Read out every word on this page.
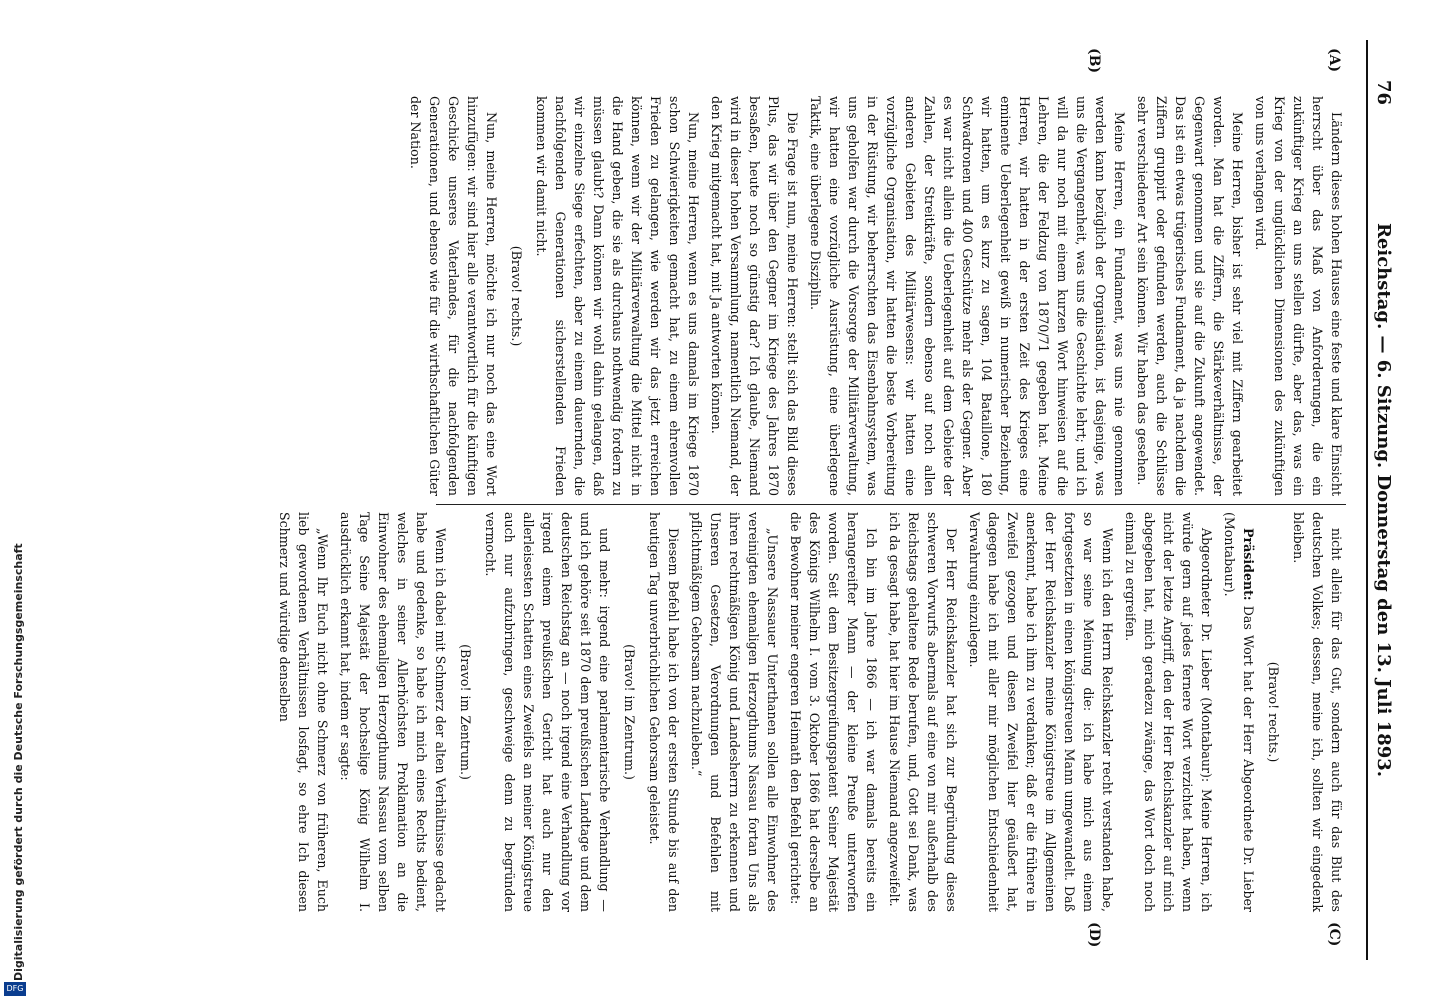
76
Reichstag. — 6. Sitzung. Donnerstag den 13. Juli 1893.
(A)
(B)
(C)
(D)

Ländern dieses hohen Hauses eine feste und klare Einsicht herrscht über das Maß von Anforderungen, die ein zukünftiger Krieg an uns stellen dürfte, aber das, was ein Krieg von der unglücklichen Dimensionen des zukünftigen von uns verlangen wird.

Meine Herren, bisher ist sehr viel mit Ziffern gearbeitet worden. Man hat die Ziffern, die Stärkeverhältnisse, der Gegenwart genommen und sie auf die Zukunft angewendet. Das ist ein etwas trügerisches Fundament, da ja nachdem die Ziffern gruppirt oder gefunden werden, auch die Schlüsse sehr verschiedener Art sein können. Wir haben das gesehen.

Meine Herren, ein Fundament, was uns nie genommen werden kann bezüglich der Organisation, ist dasjenige, was uns die Vergangenheit, was uns die Geschichte lehrt; und ich will da nur noch mit einem kurzen Wort hinweisen auf die Lehren, die der Feldzug von 1870/71 gegeben hat. Meine Herren, wir hatten in der ersten Zeit des Krieges eine eminente Ueberlegenheit gewiß in numerischer Beziehung, wir hatten, um es kurz zu sagen, 104 Bataillone, 180 Schwadronen und 400 Geschütze mehr als der Gegner. Aber es war nicht allein die Ueberlegenheit auf dem Gebiete der Zahlen, der Streitkräfte, sondern ebenso auf noch allen anderen Gebieten des Militärwesens: wir hatten eine vorzügliche Organisation, wir hatten die beste Vorbereitung in der Rüstung, wir beherrschten das Eisenbahnsystem, was uns geholfen war durch die Vorsorge der Militärverwaltung, wir hatten eine vorzügliche Ausrüstung, eine überlegene Taktik, eine überlegene Disziplin.

Die Frage ist nun, meine Herren: stellt sich das Bild dieses Plus, das wir über den Gegner im Kriege des Jahres 1870 besaßen, heute noch so günstig dar? Ich glaube, Niemand wird in dieser hohen Versammlung, namentlich Niemand, der den Krieg mitgemacht hat, mit Ja antworten können.

Nun, meine Herren, wenn es uns damals im Kriege 1870 schon Schwierigkeiten gemacht hat, zu einem ehrenvollen Frieden zu gelangen, wie werden wir das jetzt erreichen können, wenn wir der Militärverwaltung die Mittel nicht in die Hand geben, die sie als durchaus nothwendig fordern zu müssen glaubt? Dann können wir wohl dahin gelangen, daß wir einzelne Siege erfechten, aber zu einem dauernden, die nachfolgenden Generationen sicherstellenden Frieden kommen wir damit nicht.

(Bravo! rechts.)

Nun, meine Herren, möchte ich nur noch das eine Wort hinzufügen: wir sind hier alle verantwortlich für die künftigen Geschicke unseres Vaterlandes, für die nachfolgenden Generationen, und ebenso wie für die wirthschaftlichen Güter der Nation.

nicht allein für das Gut, sondern auch für das Blut des deutschen Volkes; dessen, meine ich, sollten wir eingedenk bleiben.

(Bravo! rechts.)

Präsident: Das Wort hat der Herr Abgeordnete Dr. Lieber (Montabaur).

Abgeordneter Dr. Lieber (Montabaur): Meine Herren, ich würde gern auf jedes fernere Wort verzichtet haben, wenn nicht der letzte Angriff, den der Herr Reichskanzler auf mich abgegeben hat, mich geradezu zwänge, das Wort doch noch einmal zu ergreifen.

Wenn ich den Herrn Reichskanzler recht verstanden habe, so war seine Meinung die: ich habe mich aus einem fortgesetzten in einen königstreuen Mann umgewandelt. Daß der Herr Reichskanzler meine Königstreue im Allgemeinen anerkennt, habe ich ihm zu verdanken; daß er die frühere in Zweifel gezogen und diesen Zweifel hier geäußert hat, dagegen habe ich mit aller mir möglichen Entschiedenheit Verwahrung einzulegen.

Der Herr Reichskanzler hat sich zur Begründung dieses schweren Vorwurfs abermals auf eine von mir außerhalb des Reichstags gehaltene Rede berufen, und, Gott sei Dank, was ich da gesagt habe, hat hier im Hause Niemand angezweifelt.

Ich bin im Jahre 1866 — ich war damals bereits ein herangereifter Mann — der kleine Preuße unterworfen worden. Seit dem Besitzergreifungspatent Seiner Majestät des Königs Wilhelm I. vom 3. Oktober 1866 hat derselbe an die Bewohner meiner engeren Heimath den Befehl gerichtet:

„Unsere Nassauer Unterthanen sollen alle Einwohner des vereinigten ehemaligen Herzogthums Nassau fortan Uns als ihren rechtmäßigen König und Landesherrn zu erkennen und Unseren Gesetzen, Verordnungen und Befehlen mit pflichtmäßigem Gehorsam nachzuleben.“

Diesem Befehl habe ich von der ersten Stunde bis auf den heutigen Tag unverbrüchlichen Gehorsam geleistet.

(Bravo! im Zentrum.)

und mehr: irgend eine parlamentarische Verhandlung — und ich gehöre seit 1870 dem preußischen Landtage und dem deutschen Reichstag an — noch irgend eine Verhandlung vor irgend einem preußischen Gericht hat auch nur den allerleisesten Schatten eines Zweifels an meiner Königstreue auch nur aufzubringen, geschweige denn zu begründen vermocht.

(Bravo! im Zentrum.)

Wenn ich dabei mit Schmerz der alten Verhältnisse gedacht habe und gedenke, so habe ich mich eines Rechts bedient, welches in seiner Allerhöchsten Proklamation an die Einwohner des ehemaligen Herzogthums Nassau vom selben Tage Seine Majestät der hochselige König Wilhelm I. ausdrücklich erkannt hat, indem er sagte:

„Wenn Ihr Euch nicht ohne Schmerz von früheren, Euch lieb gewordenen Verhältnissen losfagt, so ehre Ich diesen Schmerz und würdige denselben

Digitalisierung gefördert durch die Deutsche Forschungsgemeinschaft
DFG
